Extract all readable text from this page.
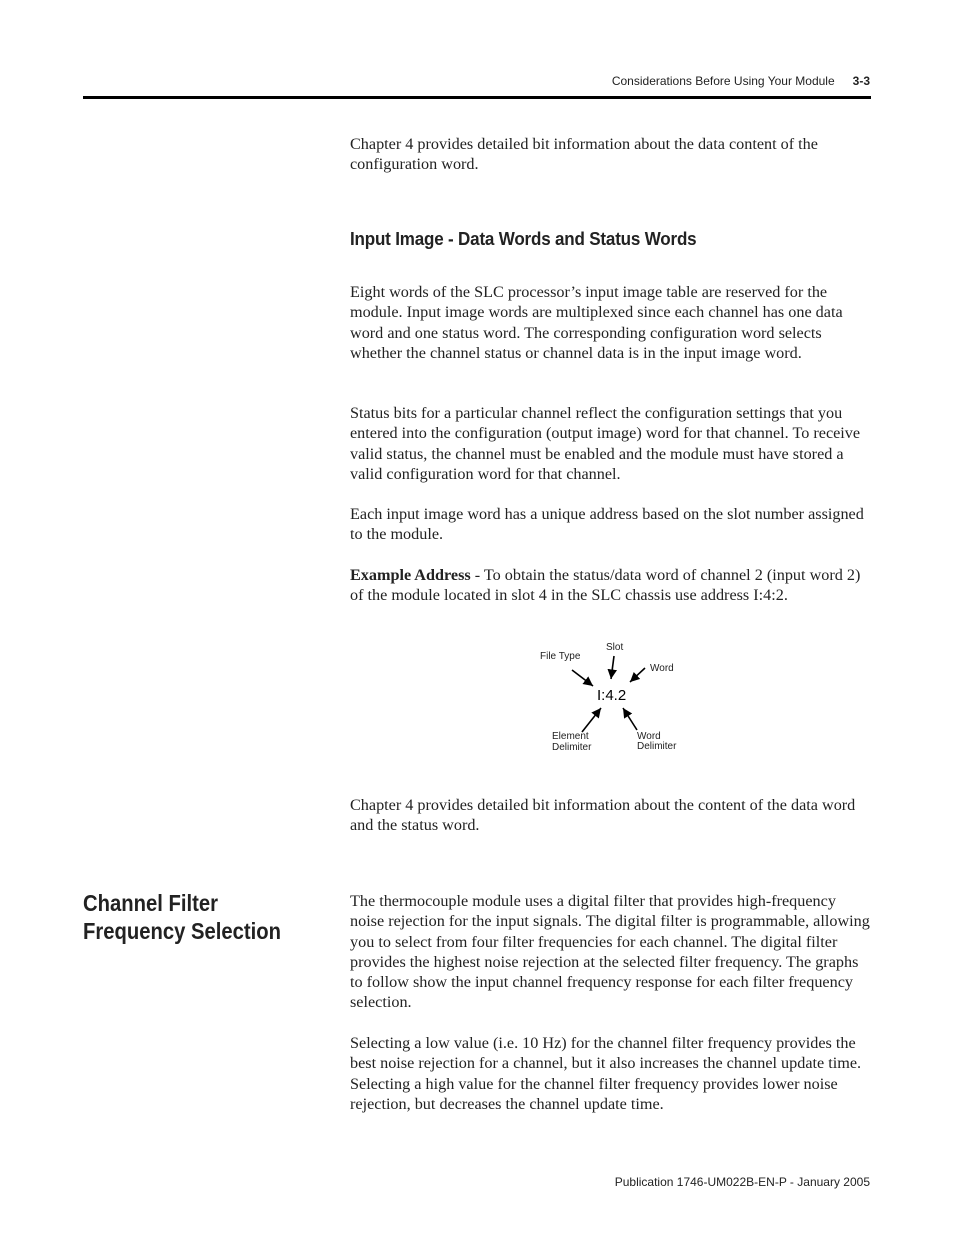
Considerations Before Using Your Module 3-3

Chapter 4 provides detailed bit information about the data content of the configuration word.

Input Image - Data Words and Status Words

Eight words of the SLC processor’s input image table are reserved for the module. Input image words are multiplexed since each channel has one data word and one status word. The corresponding configuration word selects whether the channel status or channel data is in the input image word.

Status bits for a particular channel reflect the configuration settings that you entered into the configuration (output image) word for that channel. To receive valid status, the channel must be enabled and the module must have stored a valid configuration word for that channel.

Each input image word has a unique address based on the slot number assigned to the module.

Example Address - To obtain the status/data word of channel 2 (input word 2) of the module located in slot 4 in the SLC chassis use address I:4:2.

File Type
Slot
Word
I:4.2
Element
Delimiter
Word
Delimiter

Chapter 4 provides detailed bit information about the content of the data word and the status word.

Channel Filter Frequency Selection

The thermocouple module uses a digital filter that provides high-frequency noise rejection for the input signals. The digital filter is programmable, allowing you to select from four filter frequencies for each channel. The digital filter provides the highest noise rejection at the selected filter frequency. The graphs to follow show the input channel frequency response for each filter frequency selection.

Selecting a low value (i.e. 10 Hz) for the channel filter frequency provides the best noise rejection for a channel, but it also increases the channel update time. Selecting a high value for the channel filter frequency provides lower noise rejection, but decreases the channel update time.

Publication 1746-UM022B-EN-P - January 2005
